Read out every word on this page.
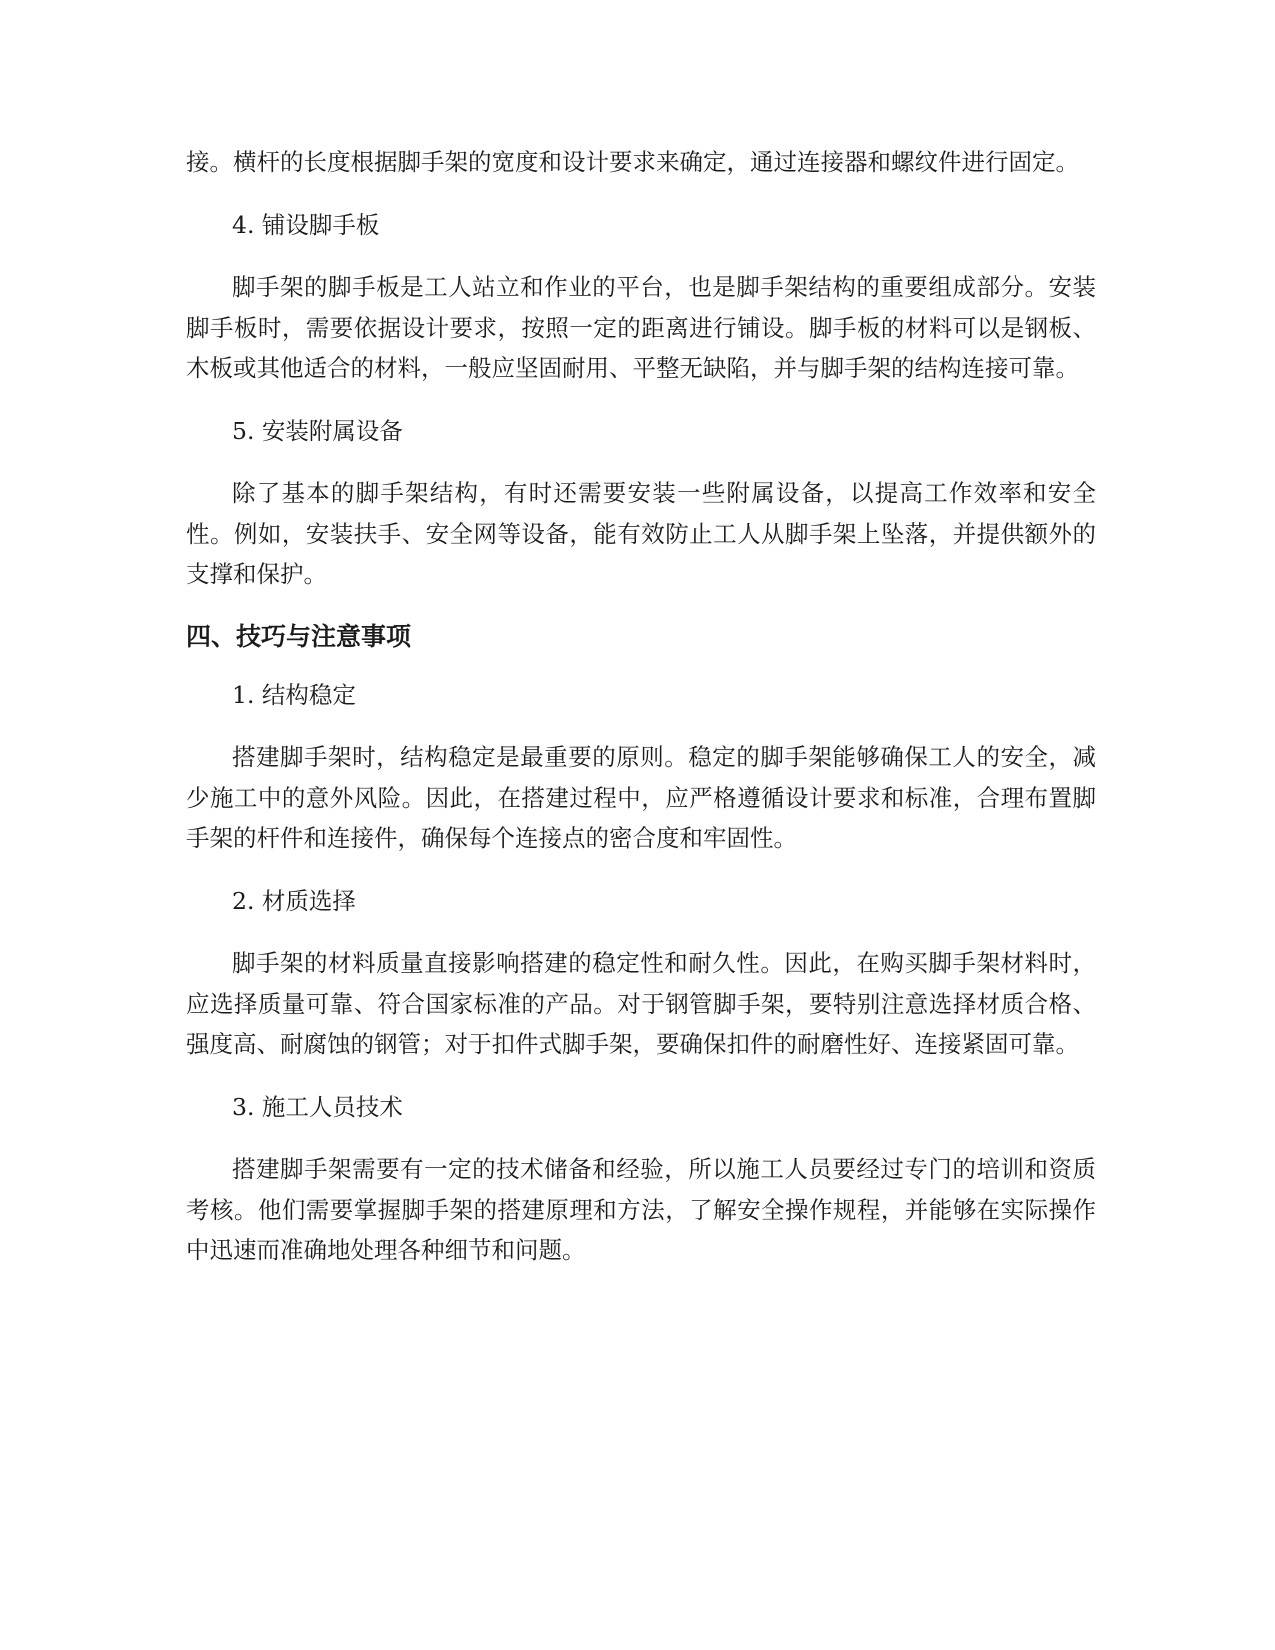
接。横杆的长度根据脚手架的宽度和设计要求来确定，通过连接器和螺纹件进行固定。

4. 铺设脚手板

脚手架的脚手板是工人站立和作业的平台，也是脚手架结构的重要组成部分。安装脚手板时，需要依据设计要求，按照一定的距离进行铺设。脚手板的材料可以是钢板、木板或其他适合的材料，一般应坚固耐用、平整无缺陷，并与脚手架的结构连接可靠。

5. 安装附属设备

除了基本的脚手架结构，有时还需要安装一些附属设备，以提高工作效率和安全性。例如，安装扶手、安全网等设备，能有效防止工人从脚手架上坠落，并提供额外的支撑和保护。

四、技巧与注意事项

1. 结构稳定

搭建脚手架时，结构稳定是最重要的原则。稳定的脚手架能够确保工人的安全，减少施工中的意外风险。因此，在搭建过程中，应严格遵循设计要求和标准，合理布置脚手架的杆件和连接件，确保每个连接点的密合度和牢固性。

2. 材质选择

脚手架的材料质量直接影响搭建的稳定性和耐久性。因此，在购买脚手架材料时，应选择质量可靠、符合国家标准的产品。对于钢管脚手架，要特别注意选择材质合格、强度高、耐腐蚀的钢管；对于扣件式脚手架，要确保扣件的耐磨性好、连接紧固可靠。

3. 施工人员技术

搭建脚手架需要有一定的技术储备和经验，所以施工人员要经过专门的培训和资质考核。他们需要掌握脚手架的搭建原理和方法，了解安全操作规程，并能够在实际操作中迅速而准确地处理各种细节和问题。
